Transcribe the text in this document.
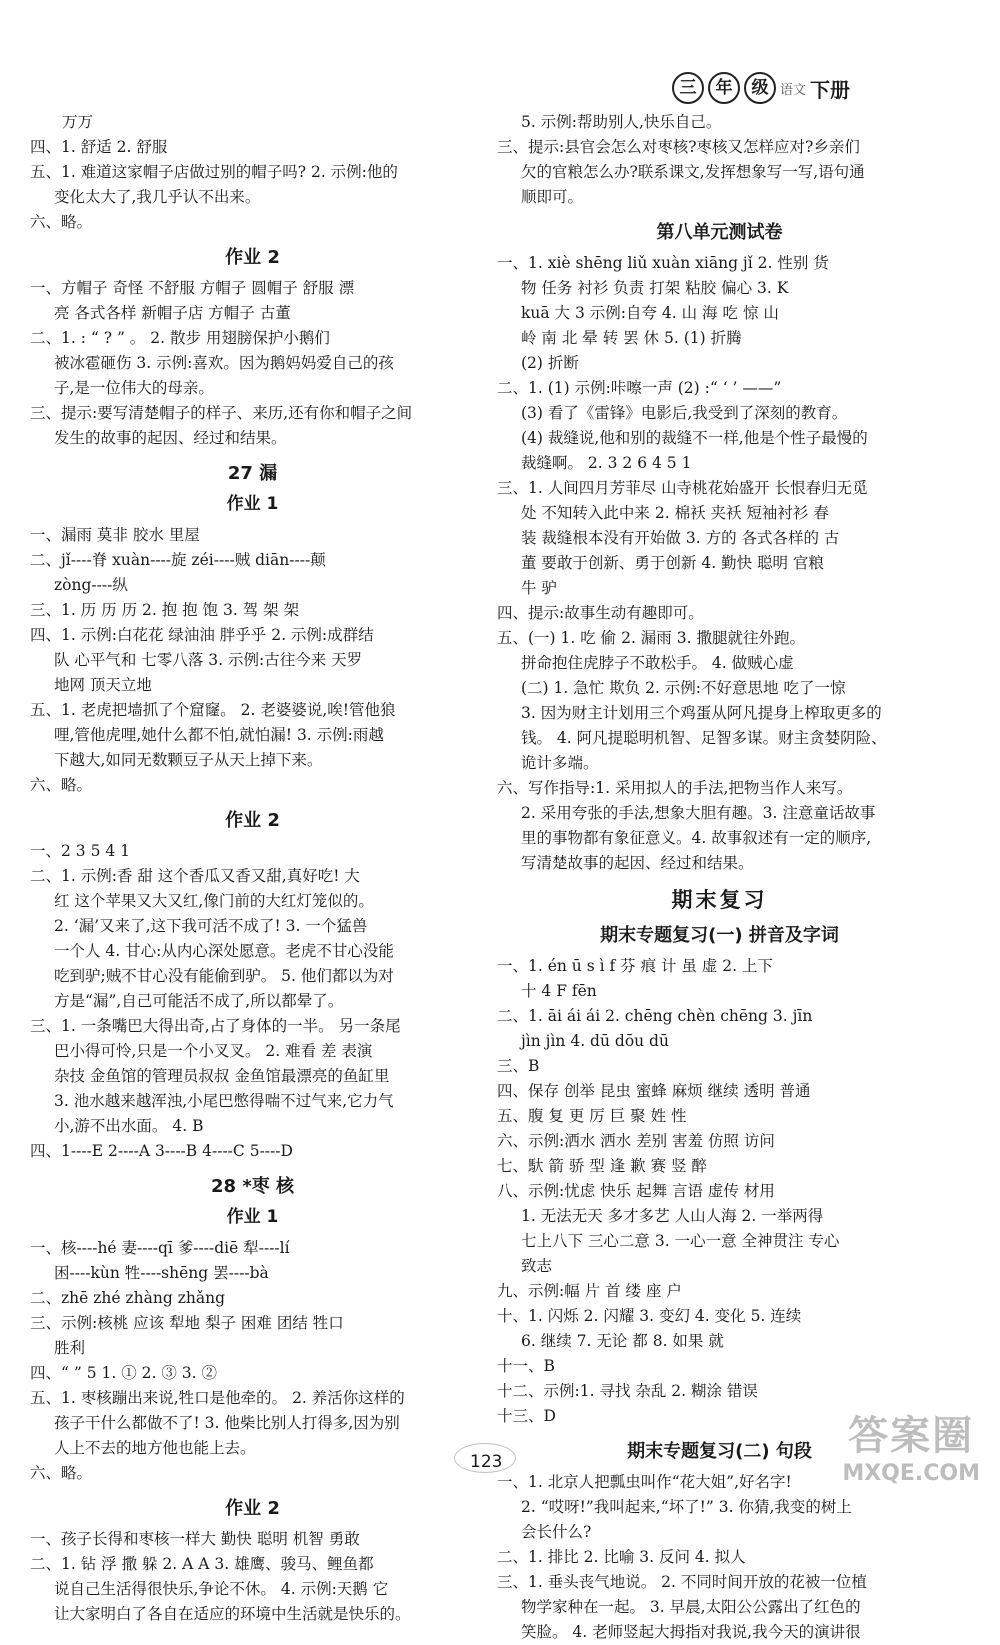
三	年	级 语文 下册

万万

四、1. 舒适 2. 舒服

五、1. 难道这家帽子店做过别的帽子吗? 2. 示例:他的

变化太大了,我几乎认不出来。

六、略。

作业 2

一、方帽子 奇怪 不舒服 方帽子 圆帽子 舒服 漂

亮 各式各样 新帽子店 方帽子 古董

二、1. : “ ? ” 。 2. 散步 用翅膀保护小鹅们

被冰雹砸伤 3. 示例:喜欢。因为鹅妈妈爱自己的孩

子,是一位伟大的母亲。

三、提示:要写清楚帽子的样子、来历,还有你和帽子之间

发生的故事的起因、经过和结果。

27 漏
作业 1

一、漏雨 莫非 胶水 里屋

二、jǐ----脊 xuàn----旋 zéi----贼 diān----颠

zòng----纵

三、1. 历 历 历 2. 抱 抱 饱 3. 驾 架 架

四、1. 示例:白花花 绿油油 胖乎乎 2. 示例:成群结

队 心平气和 七零八落 3. 示例:古往今来 天罗

地网 顶天立地

五、1. 老虎把墙抓了个窟窿。 2. 老婆婆说,唉!管他狼

哩,管他虎哩,她什么都不怕,就怕漏! 3. 示例:雨越

下越大,如同无数颗豆子从天上掉下来。

六、略。

作业 2

一、2 3 5 4 1

二、1. 示例:香 甜 这个香瓜又香又甜,真好吃! 大

红 这个苹果又大又红,像门前的大红灯笼似的。

2. ‘漏’又来了,这下我可活不成了! 3. 一个猛兽

一个人 4. 甘心:从内心深处愿意。老虎不甘心没能

吃到驴;贼不甘心没有能偷到驴。 5. 他们都以为对

方是“漏”,自己可能活不成了,所以都晕了。

三、1. 一条嘴巴大得出奇,占了身体的一半。 另一条尾

巴小得可怜,只是一个小叉叉。 2. 难看 差 表演

杂技 金鱼馆的管理员叔叔 金鱼馆最漂亮的鱼缸里

3. 池水越来越浑浊,小尾巴憋得喘不过气来,它力气

小,游不出水面。 4. B

四、1----E 2----A 3----B 4----C 5----D

28 *枣 核
作业 1

一、核----hé 妻----qī 爹----diē 犁----lí

困----kùn 牲----shēng 罢----bà

二、zhē zhé zhàng zhǎng

三、示例:核桃 应该 犁地 梨子 困难 团结 牲口

胜利

四、“ ” 5 1. ① 2. ③ 3. ②

五、1. 枣核蹦出来说,牲口是他牵的。 2. 养活你这样的

孩子干什么都做不了! 3. 他柴比别人打得多,因为别

人上不去的地方他也能上去。

六、略。

作业 2

一、孩子长得和枣核一样大 勤快 聪明 机智 勇敢

二、1. 钻 浮 撒 躲 2. A A 3. 雄鹰、骏马、鲤鱼都

说自己生活得很快乐,争论不休。 4. 示例:天鹅 它

让大家明白了各自在适应的环境中生活就是快乐的。

5. 示例:帮助别人,快乐自己。

三、提示:县官会怎么对枣核?枣核又怎样应对?乡亲们

欠的官粮怎么办?联系课文,发挥想象写一写,语句通

顺即可。

第八单元测试卷

一、1. xiè shēng liǔ xuàn xiāng jǐ 2. 性别 货

物 任务 衬衫 负责 打架 粘胶 偏心 3. K

kuā 大 3 示例:自夸 4. 山 海 吃 惊 山

岭 南 北 晕 转 罢 休 5. (1) 折腾

(2) 折断

二、1. (1) 示例:咔嚓一声 (2) :“ ‘ ’ ——”

(3) 看了《雷锋》电影后,我受到了深刻的教育。

(4) 裁缝说,他和别的裁缝不一样,他是个性子最慢的

裁缝啊。 2. 3 2 6 4 5 1

三、1. 人间四月芳菲尽 山寺桃花始盛开 长恨春归无觅

处 不知转入此中来 2. 棉袄 夹袄 短袖衬衫 春

装 裁缝根本没有开始做 3. 方的 各式各样的 古

董 要敢于创新、勇于创新 4. 勤快 聪明 官粮

牛 驴

四、提示:故事生动有趣即可。

五、(一) 1. 吃 偷 2. 漏雨 3. 撒腿就往外跑。

拼命抱住虎脖子不敢松手。 4. 做贼心虚

(二) 1. 急忙 欺负 2. 示例:不好意思地 吃了一惊

3. 因为财主计划用三个鸡蛋从阿凡提身上榨取更多的

钱。 4. 阿凡提聪明机智、足智多谋。财主贪婪阴险、

诡计多端。

六、写作指导:1. 采用拟人的手法,把物当作人来写。

2. 采用夸张的手法,想象大胆有趣。3. 注意童话故事

里的事物都有象征意义。4. 故事叙述有一定的顺序,

写清楚故事的起因、经过和结果。

期末复习
期末专题复习(一) 拼音及字词

一、1. én ū s ì f 芬 痕 计 虽 虚 2. 上下

十 4 F fēn

二、1. āi ái ái 2. chēng chèn chēng 3. jīn

jìn jìn 4. dū dōu dū

三、B

四、保存 创举 昆虫 蜜蜂 麻烦 继续 透明 普通

五、腹 复 更 厉 巨 聚 姓 性

六、示例:洒水 洒水 差别 害羞 仿照 访问

七、馱 箭 骄 型 逢 歉 赛 竖 醉

八、示例:忧虑 快乐 起舞 言语 虚传 材用

1. 无法无天 多才多艺 人山人海 2. 一举两得

七上八下 三心二意 3. 一心一意 全神贯注 专心

致志

九、示例:幅 片 首 缕 座 户

十、1. 闪烁 2. 闪耀 3. 变幻 4. 变化 5. 连续

6. 继续 7. 无论 都 8. 如果 就

十一、B

十二、示例:1. 寻找 杂乱 2. 糊涂 错误

十三、D

期末专题复习(二) 句段

一、1. 北京人把瓢虫叫作“花大姐”,好名字!

2. “哎呀!”我叫起来,“坏了!” 3. 你猜,我变的树上

会长什么?

二、1. 排比 2. 比喻 3. 反问 4. 拟人

三、1. 垂头丧气地说。 2. 不同时间开放的花被一位植

物学家种在一起。 3. 早晨,太阳公公露出了红色的

笑脸。 4. 老师竖起大拇指对我说,我今天的演讲很

123
答案圈
MXQE.COM
